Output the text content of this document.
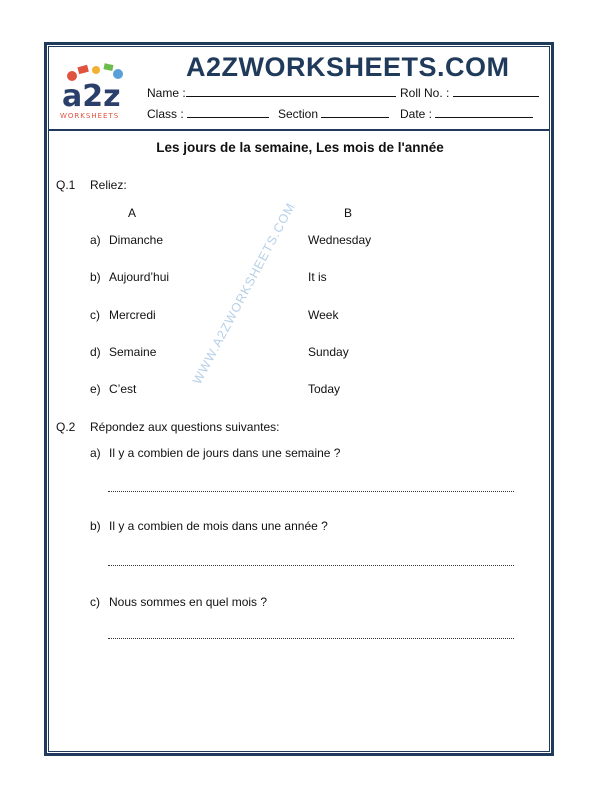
a2z
WORKSHEETS
A2ZWORKSHEETS.COM
Name :	Roll No. :
Class :	Section	Date :
Les jours de la semaine, Les mois de l'année
Q.1 Reliez:
A	B
a) Dimanche	Wednesday
b) Aujourd’hui	It is
c) Mercredi	Week
d) Semaine	Sunday
e) C’est	Today
Q.2 Répondez aux questions suivantes:
a) Il y a combien de jours dans une semaine ?
b) Il y a combien de mois dans une année ?
c) Nous sommes en quel mois ?
WWW.A2ZWORKSHEETS.COM
